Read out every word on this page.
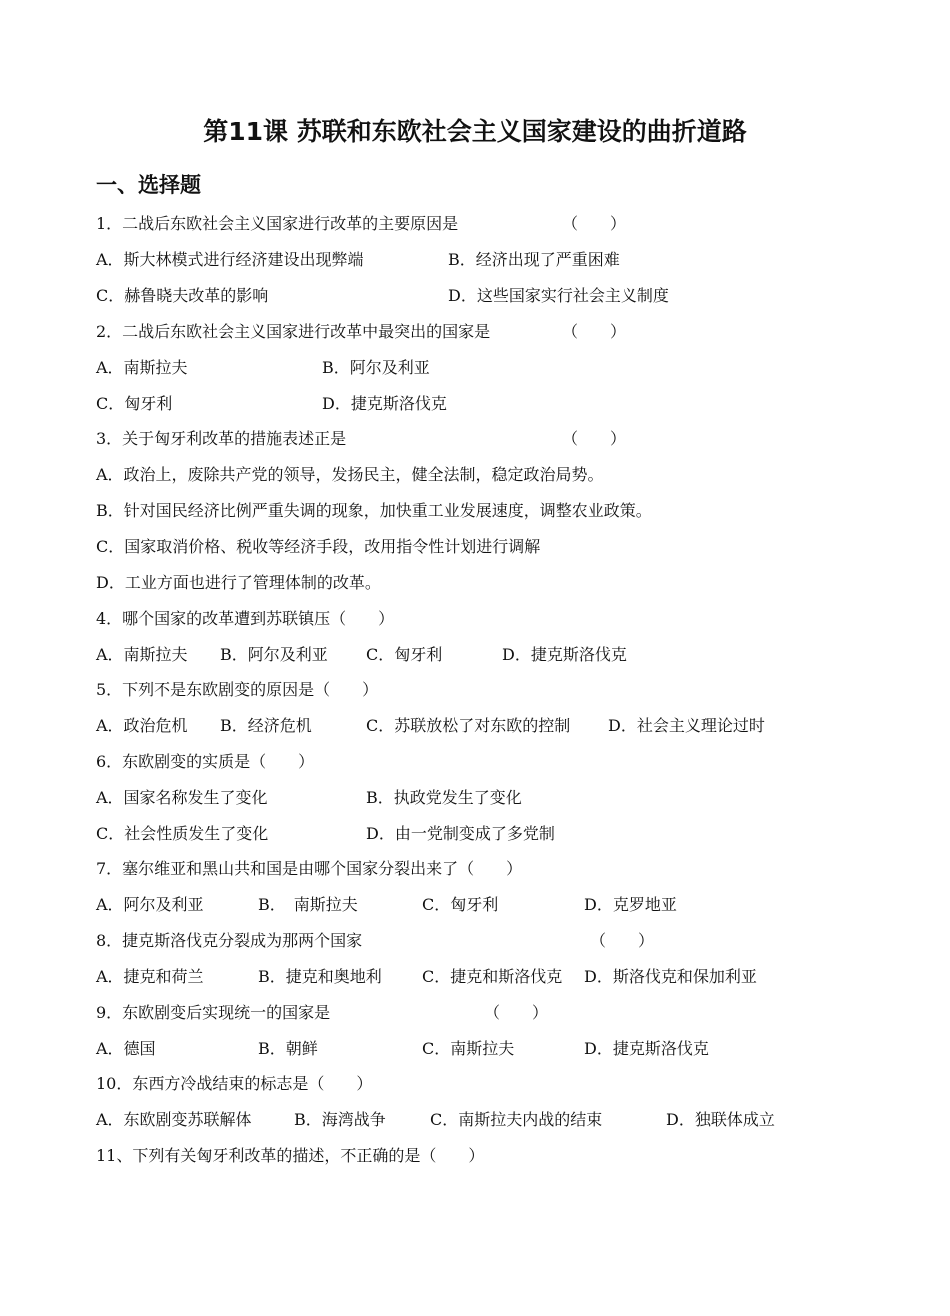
第11课 苏联和东欧社会主义国家建设的曲折道路
一、选择题
1．二战后东欧社会主义国家进行改革的主要原因是	（　　）
A．斯大林模式进行经济建设出现弊端	B．经济出现了严重困难
C．赫鲁晓夫改革的影响	D．这些国家实行社会主义制度
2．二战后东欧社会主义国家进行改革中最突出的国家是	（　　）
A．南斯拉夫	B．阿尔及利亚
C．匈牙利	D．捷克斯洛伐克
3．关于匈牙利改革的措施表述正是	（　　）
A．政治上，废除共产党的领导，发扬民主，健全法制，稳定政治局势。
B．针对国民经济比例严重失调的现象，加快重工业发展速度，调整农业政策。
C．国家取消价格、税收等经济手段，改用指令性计划进行调解
D．工业方面也进行了管理体制的改革。
4．哪个国家的改革遭到苏联镇压（　　）
A．南斯拉夫 B．阿尔及利亚 C．匈牙利	D．捷克斯洛伐克
5．下列不是东欧剧变的原因是（　　）
A．政治危机 B．经济危机	C．苏联放松了对东欧的控制 D．社会主义理论过时
6．东欧剧变的实质是（　　）
A．国家名称发生了变化	B．执政党发生了变化
C．社会性质发生了变化	D．由一党制变成了多党制
7．塞尔维亚和黑山共和国是由哪个国家分裂出来了（　　）
A．阿尔及利亚	B．　南斯拉夫	C．匈牙利	D．克罗地亚
8．捷克斯洛伐克分裂成为那两个国家	（　　）
A．捷克和荷兰	B．捷克和奥地利	C．捷克和斯洛伐克 D．斯洛伐克和保加利亚
9．东欧剧变后实现统一的国家是	（　　）
A．德国	B．朝鲜	C．南斯拉夫	D．捷克斯洛伐克
10．东西方冷战结束的标志是（　　）
A．东欧剧变苏联解体	B．海湾战争	C．南斯拉夫内战的结束	D．独联体成立
11、下列有关匈牙利改革的描述，不正确的是（　　）
